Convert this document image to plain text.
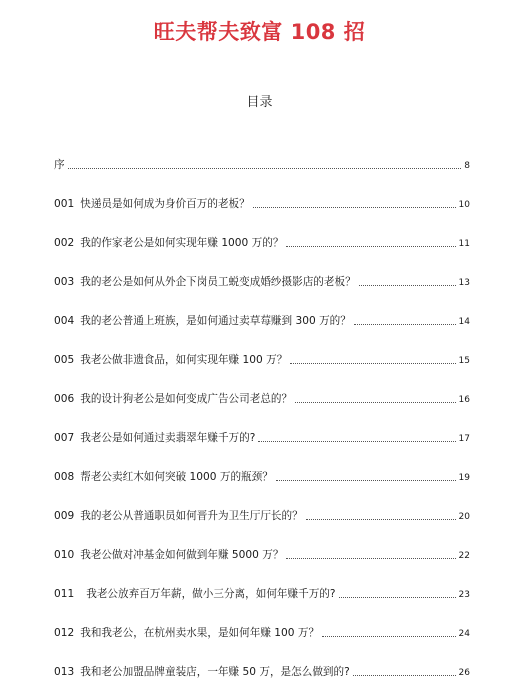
旺夫帮夫致富 108 招
目录
序	8
001 快递员是如何成为身价百万的老板？	10
002 我的作家老公是如何实现年赚 1000 万的？	11
003 我的老公是如何从外企下岗员工蜕变成婚纱摄影店的老板？	13
004 我的老公普通上班族，是如何通过卖草莓赚到 300 万的？	14
005 我老公做非遗食品，如何实现年赚 100 万？	15
006 我的设计狗老公是如何变成广告公司老总的？	16
007 我老公是如何通过卖翡翠年赚千万的?	17
008 帮老公卖红木如何突破 1000 万的瓶颈？	19
009 我的老公从普通职员如何晋升为卫生厅厅长的？	20
010 我老公做对冲基金如何做到年赚 5000 万？	22
011 我老公放弃百万年薪，做小三分离，如何年赚千万的?	23
012 我和我老公，在杭州卖水果，是如何年赚 100 万？	24
013 我和老公加盟品牌童装店，一年赚 50 万，是怎么做到的?	26
